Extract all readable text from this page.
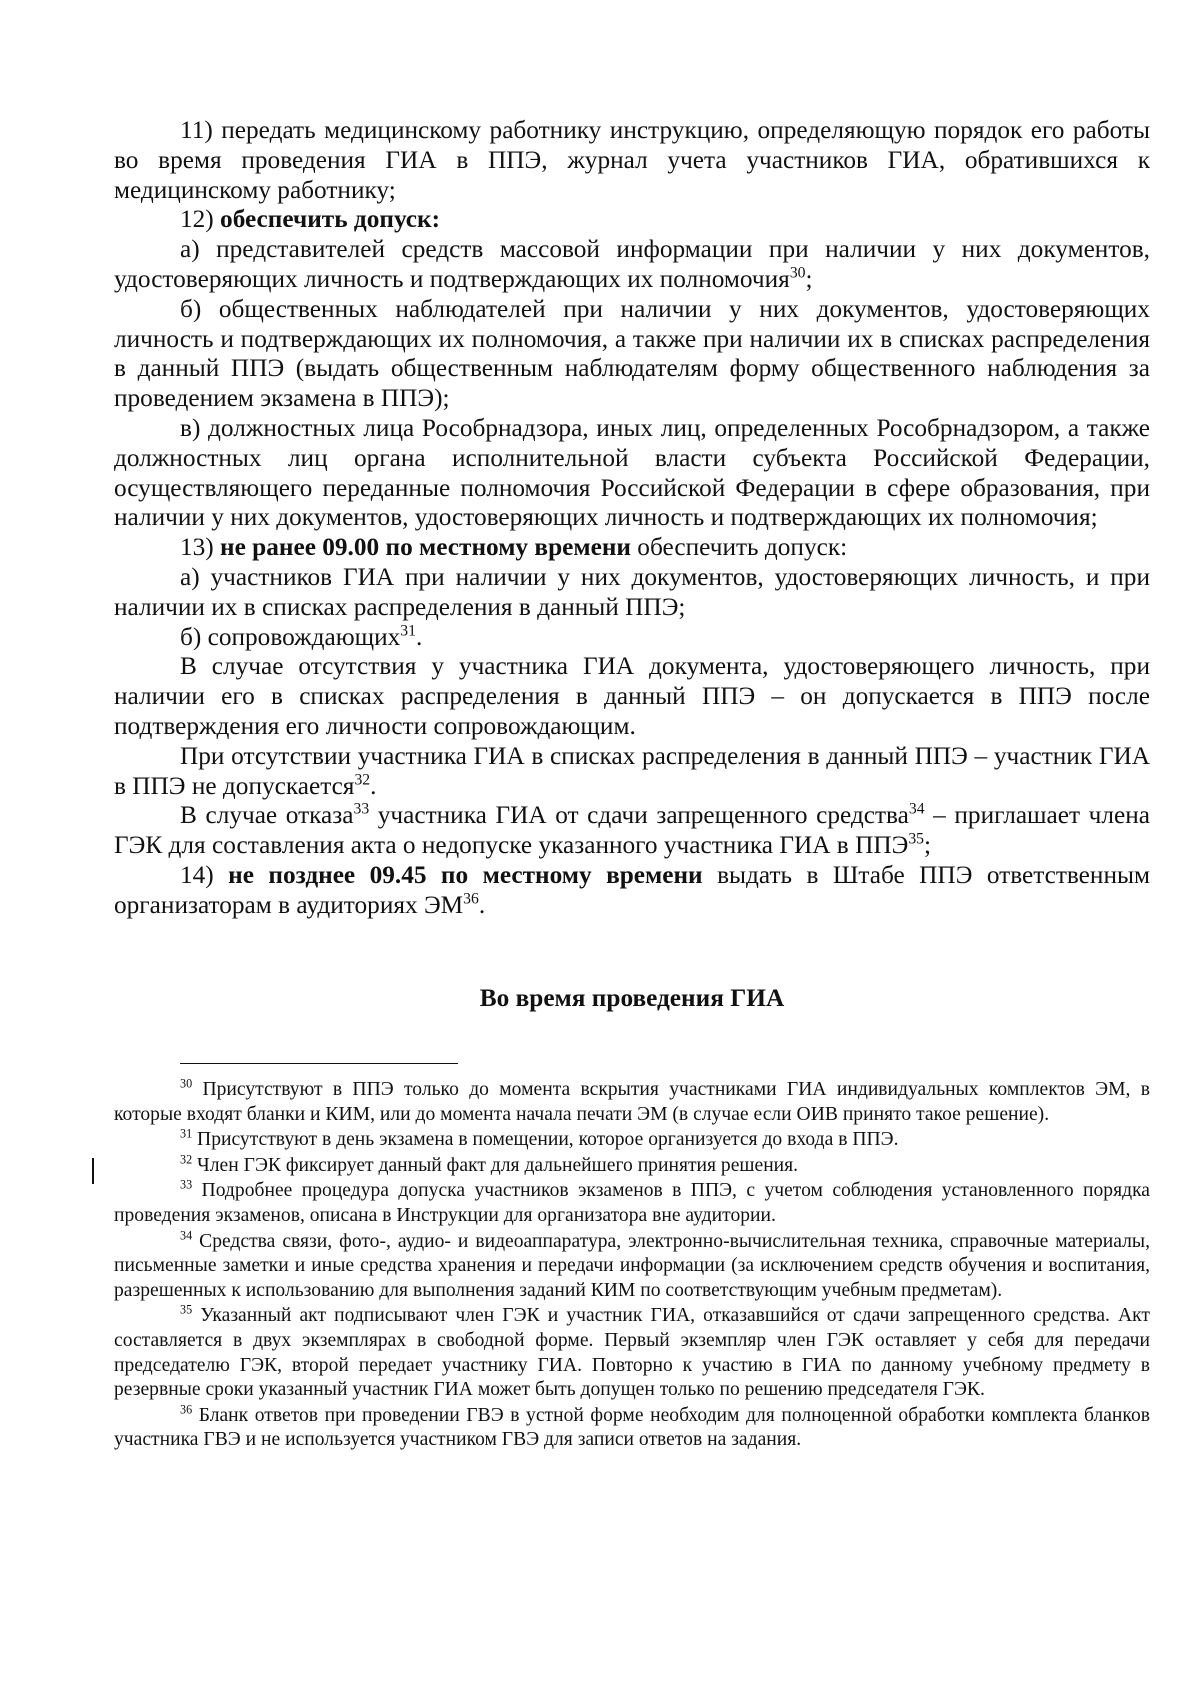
11) передать медицинскому работнику инструкцию, определяющую порядок его работы во время проведения ГИА в ППЭ, журнал учета участников ГИА, обратившихся к медицинскому работнику;

12) обеспечить допуск:

а) представителей средств массовой информации при наличии у них документов, удостоверяющих личность и подтверждающих их полномочия$^{30}$;

б) общественных наблюдателей при наличии у них документов, удостоверяющих личность и подтверждающих их полномочия, а также при наличии их в списках распределения в данный ППЭ (выдать общественным наблюдателям форму общественного наблюдения за проведением экзамена в ППЭ);

в) должностных лица Рособрнадзора, иных лиц, определенных Рособрнадзором, а также должностных лиц органа исполнительной власти субъекта Российской Федерации, осуществляющего переданные полномочия Российской Федерации в сфере образования, при наличии у них документов, удостоверяющих личность и подтверждающих их полномочия;

13) не ранее 09.00 по местному времени обеспечить допуск:

а) участников ГИА при наличии у них документов, удостоверяющих личность, и при наличии их в списках распределения в данный ППЭ;

б) сопровождающих$^{31}$.

В случае отсутствия у участника ГИА документа, удостоверяющего личность, при наличии его в списках распределения в данный ППЭ – он допускается в ППЭ после подтверждения его личности сопровождающим.

При отсутствии участника ГИА в списках распределения в данный ППЭ – участник ГИА в ППЭ не допускается$^{32}$.

В случае отказа$^{33}$ участника ГИА от сдачи запрещенного средства$^{34}$ – приглашает члена ГЭК для составления акта о недопуске указанного участника ГИА в ППЭ$^{35}$;

14) не позднее 09.45 по местному времени выдать в Штабе ППЭ ответственным организаторам в аудиториях ЭМ$^{36}$.

Во время проведения ГИА

$^{30}$ Присутствуют в ППЭ только до момента вскрытия участниками ГИА индивидуальных комплектов ЭМ, в которые входят бланки и КИМ, или до момента начала печати ЭМ (в случае если ОИВ принято такое решение).

$^{31}$ Присутствуют в день экзамена в помещении, которое организуется до входа в ППЭ.

$^{32}$ Член ГЭК фиксирует данный факт для дальнейшего принятия решения.

$^{33}$ Подробнее процедура допуска участников экзаменов в ППЭ, с учетом соблюдения установленного порядка проведения экзаменов, описана в Инструкции для организатора вне аудитории.

$^{34}$ Средства связи, фото-, аудио- и видеоаппаратура, электронно-вычислительная техника, справочные материалы, письменные заметки и иные средства хранения и передачи информации (за исключением средств обучения и воспитания, разрешенных к использованию для выполнения заданий КИМ по соответствующим учебным предметам).

$^{35}$ Указанный акт подписывают член ГЭК и участник ГИА, отказавшийся от сдачи запрещенного средства. Акт составляется в двух экземплярах в свободной форме. Первый экземпляр член ГЭК оставляет у себя для передачи председателю ГЭК, второй передает участнику ГИА. Повторно к участию в ГИА по данному учебному предмету в резервные сроки указанный участник ГИА может быть допущен только по решению председателя ГЭК.

$^{36}$ Бланк ответов при проведении ГВЭ в устной форме необходим для полноценной обработки комплекта бланков участника ГВЭ и не используется участником ГВЭ для записи ответов на задания.
